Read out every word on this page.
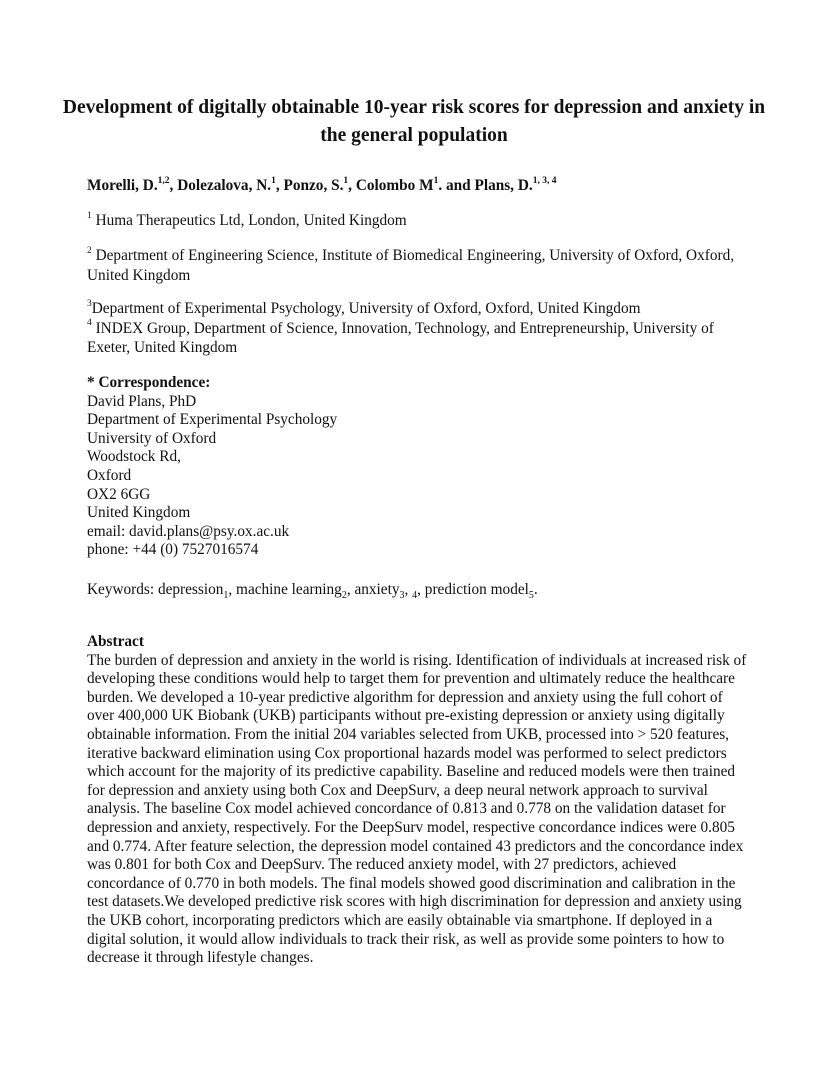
Development of digitally obtainable 10-year risk scores for depression and anxiety in the general population
Morelli, D.$^{1,2}$, Dolezalova, N.$^1$, Ponzo, S.$^1$, Colombo $M^1$. and Plans, D.$^{1, 3, 4}$
$^1$ Huma Therapeutics Ltd, London, United Kingdom
$^2$ Department of Engineering Science, Institute of Biomedical Engineering, University of Oxford, Oxford, United Kingdom
$^3$Department of Experimental Psychology, University of Oxford, Oxford, United Kingdom
$^4$ INDEX Group, Department of Science, Innovation, Technology, and Entrepreneurship, University of Exeter, United Kingdom
* Correspondence:
David Plans, PhD
Department of Experimental Psychology
University of Oxford
Woodstock Rd,
Oxford
OX2 6GG
United Kingdom
email: david.plans@psy.ox.ac.uk
phone: +44 (0) 7527016574
Keywords: depression$_1$, machine learning$_2$, anxiety$_3$, $_4$, prediction model$_5$.
Abstract
The burden of depression and anxiety in the world is rising. Identification of individuals at increased risk of developing these conditions would help to target them for prevention and ultimately reduce the healthcare burden. We developed a 10-year predictive algorithm for depression and anxiety using the full cohort of over 400,000 UK Biobank (UKB) participants without pre-existing depression or anxiety using digitally obtainable information. From the initial 204 variables selected from UKB, processed into > 520 features, iterative backward elimination using Cox proportional hazards model was performed to select predictors which account for the majority of its predictive capability. Baseline and reduced models were then trained for depression and anxiety using both Cox and DeepSurv, a deep neural network approach to survival analysis. The baseline Cox model achieved concordance of 0.813 and 0.778 on the validation dataset for depression and anxiety, respectively. For the DeepSurv model, respective concordance indices were 0.805 and 0.774. After feature selection, the depression model contained 43 predictors and the concordance index was 0.801 for both Cox and DeepSurv. The reduced anxiety model, with 27 predictors, achieved concordance of 0.770 in both models. The final models showed good discrimination and calibration in the test datasets.We developed predictive risk scores with high discrimination for depression and anxiety using the UKB cohort, incorporating predictors which are easily obtainable via smartphone. If deployed in a digital solution, it would allow individuals to track their risk, as well as provide some pointers to how to decrease it through lifestyle changes.
